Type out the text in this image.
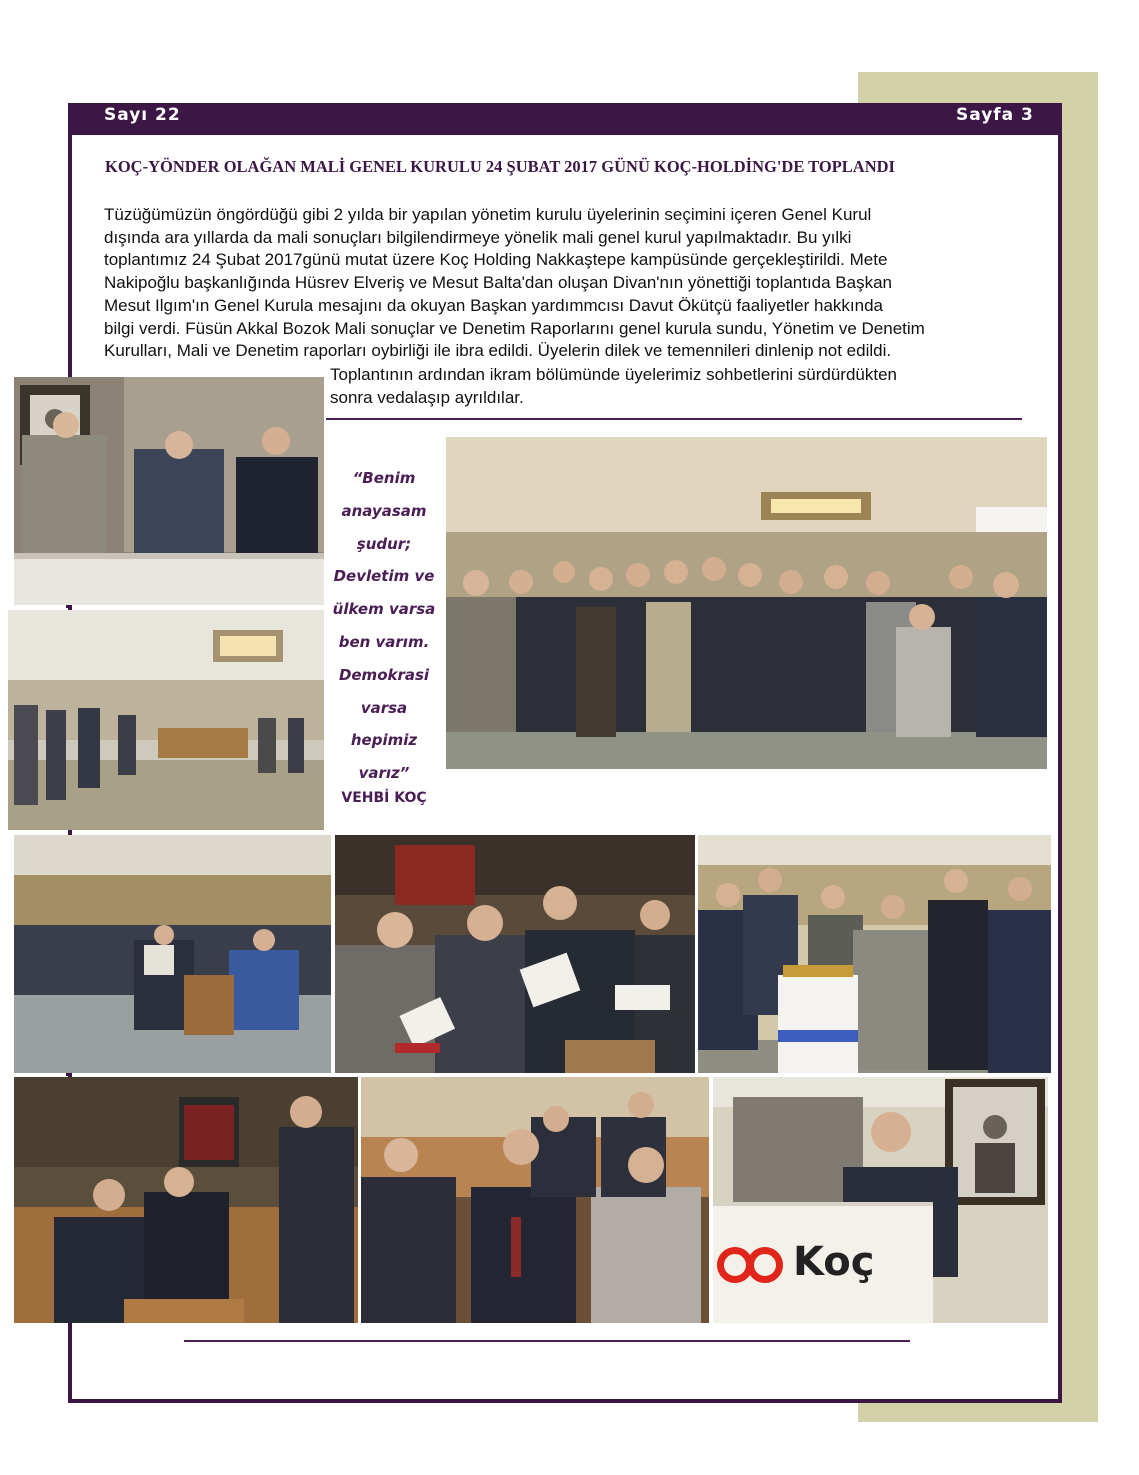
Sayı 22	Sayfa 3
KOÇ-YÖNDER OLAĞAN MALİ GENEL KURULU 24 ŞUBAT 2017 GÜNÜ KOÇ-HOLDİNG'DE TOPLANDI
Tüzüğümüzün öngördüğü gibi 2 yılda bir yapılan yönetim kurulu üyelerinin seçimini içeren Genel Kurul
dışında ara yıllarda da mali sonuçları bilgilendirmeye yönelik mali genel kurul yapılmaktadır. Bu yılki
toplantımız 24 Şubat 2017günü mutat üzere Koç Holding Nakkaştepe kampüsünde gerçekleştirildi. Mete
Nakipoğlu başkanlığında Hüsrev Elveriş ve Mesut Balta'dan oluşan Divan'nın yönettiği toplantıda Başkan
Mesut Ilgım'ın Genel Kurula mesajını da okuyan Başkan yardımmcısı Davut Ökütçü faaliyetler hakkında
bilgi verdi. Füsün Akkal Bozok Mali sonuçlar ve Denetim Raporlarını genel kurula sundu, Yönetim ve Denetim
Kurulları, Mali ve Denetim raporları oybirliği ile ibra edildi. Üyelerin dilek ve temennileri dinlenip not edildi.
Toplantının ardından ikram bölümünde üyelerimiz sohbetlerini sürdürdükten
sonra vedalaşıp ayrıldılar.
“Benim
anayasam
şudur;
Devletim ve
ülkem varsa
ben varım.
Demokrasi
varsa
hepimiz
varız”
VEHBİ KOÇ
Koç
